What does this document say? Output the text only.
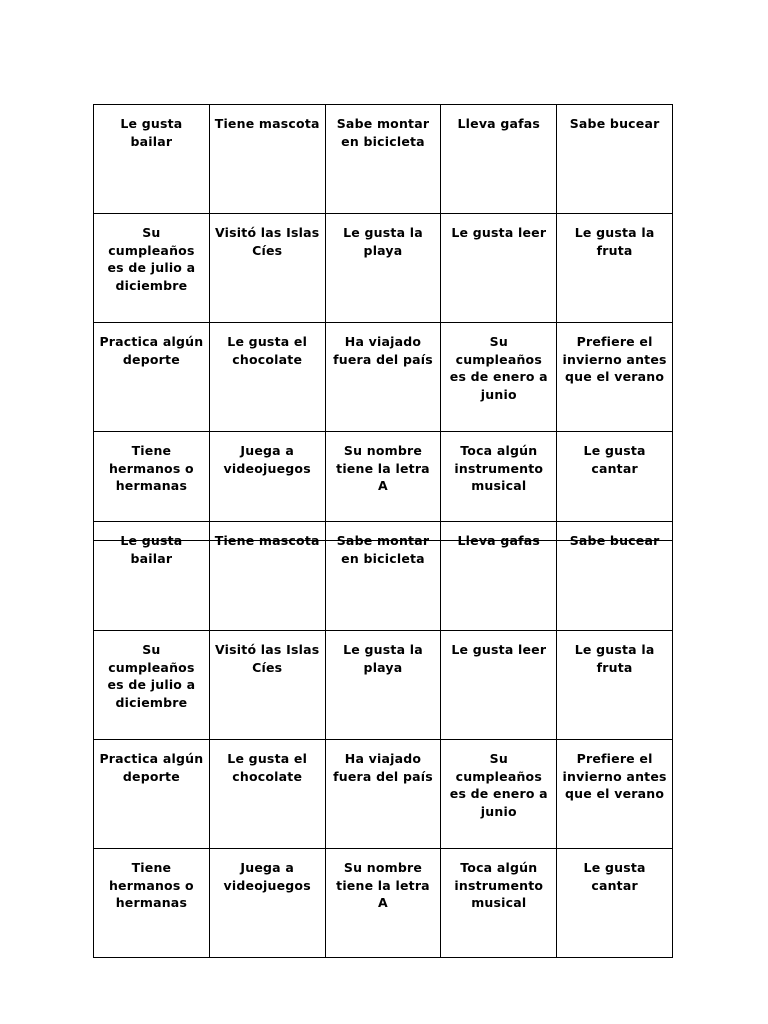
Le gusta bailar	Tiene mascota	Sabe montar en bicicleta	Lleva gafas	Sabe bucear
Su cumpleaños es de julio a diciembre	Visitó las Islas Cíes	Le gusta la playa	Le gusta leer	Le gusta la fruta
Practica algún deporte	Le gusta el chocolate	Ha viajado fuera del país	Su cumpleaños es de enero a junio	Prefiere el invierno antes que el verano
Tiene hermanos o hermanas	Juega a videojuegos	Su nombre tiene la letra A	Toca algún instrumento musical	Le gusta cantar
Le gusta bailar	Tiene mascota	Sabe montar en bicicleta	Lleva gafas	Sabe bucear
Su cumpleaños es de julio a diciembre	Visitó las Islas Cíes	Le gusta la playa	Le gusta leer	Le gusta la fruta
Practica algún deporte	Le gusta el chocolate	Ha viajado fuera del país	Su cumpleaños es de enero a junio	Prefiere el invierno antes que el verano
Tiene hermanos o hermanas	Juega a videojuegos	Su nombre tiene la letra A	Toca algún instrumento musical	Le gusta cantar
